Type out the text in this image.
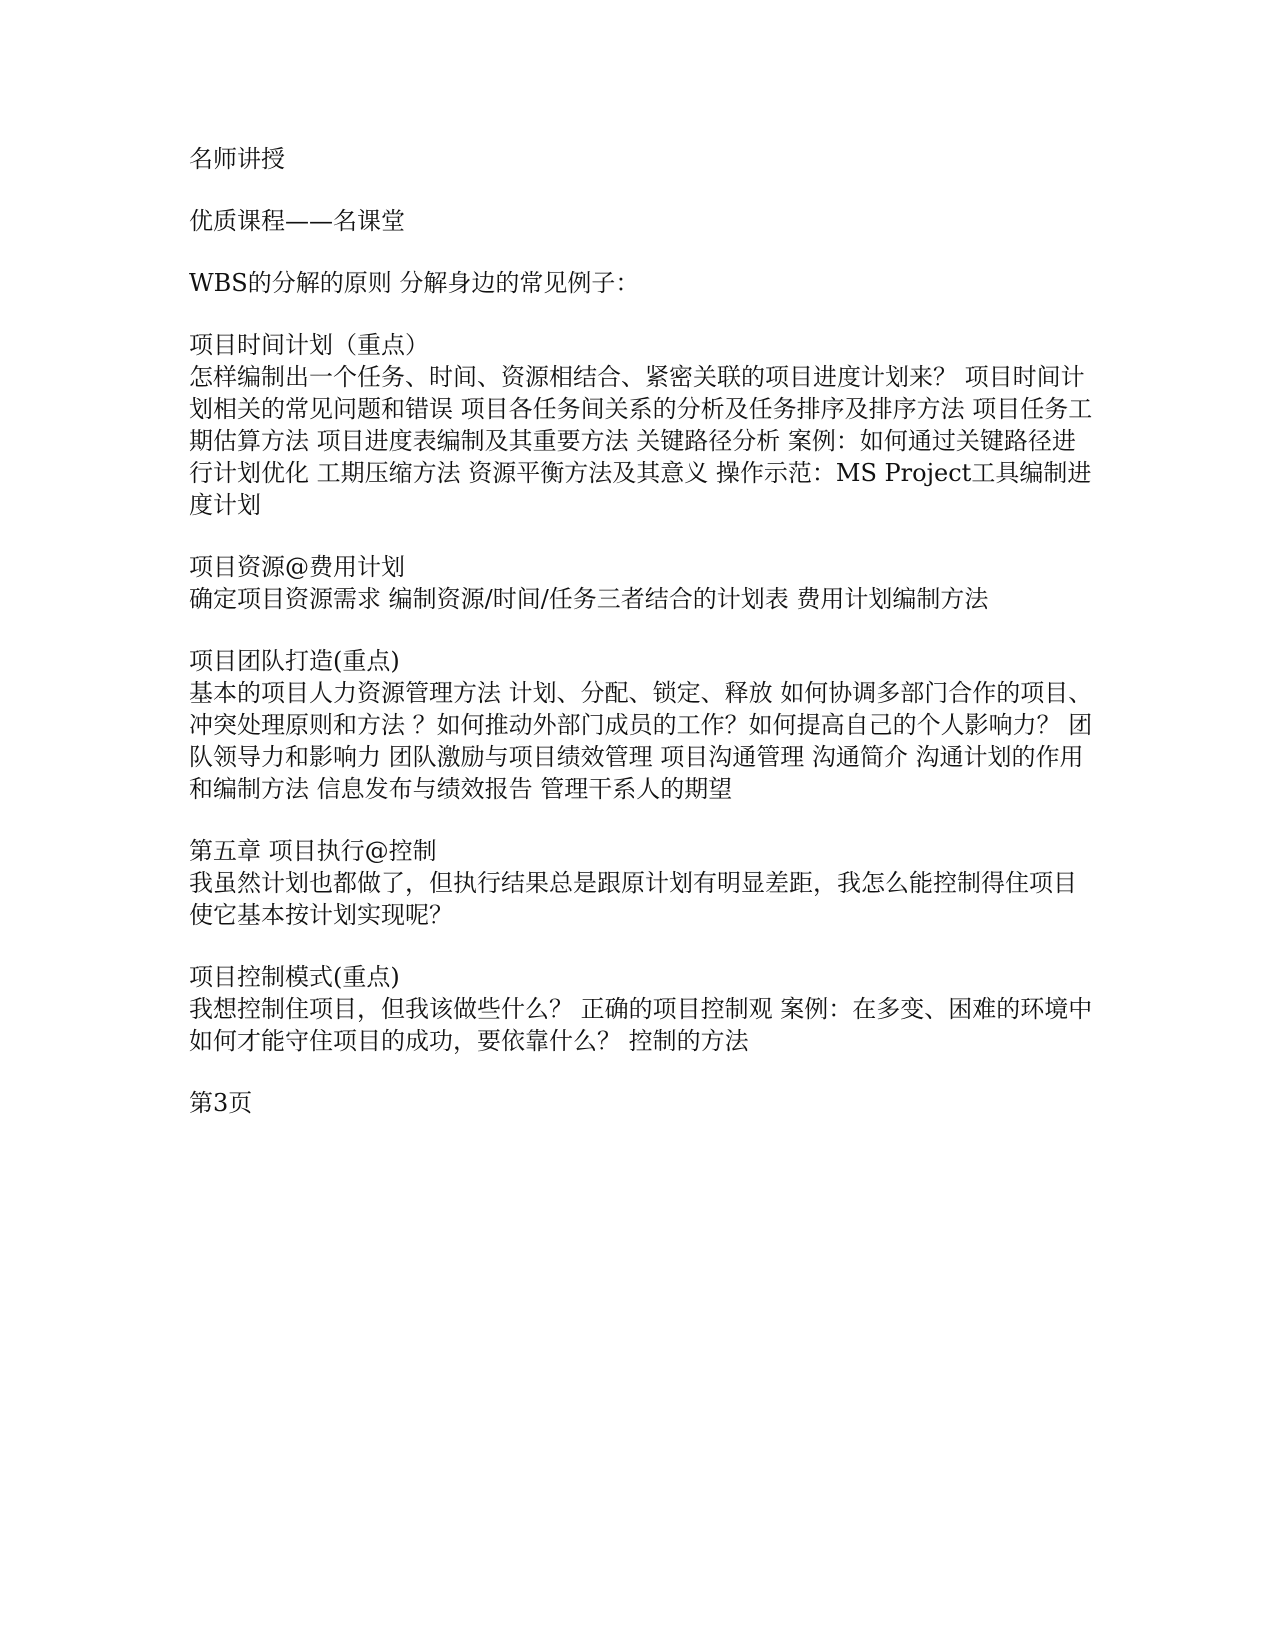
名师讲授

优质课程——名课堂

WBS的分解的原则 分解身边的常见例子：

项目时间计划（重点）
怎样编制出一个任务、时间、资源相结合、紧密关联的项目进度计划来？ 项目时间计划相关的常见问题和错误 项目各任务间关系的分析及任务排序及排序方法 项目任务工期估算方法 项目进度表编制及其重要方法 关键路径分析 案例：如何通过关键路径进行计划优化 工期压缩方法 资源平衡方法及其意义 操作示范：MS Project工具编制进度计划
项目资源@费用计划
确定项目资源需求 编制资源/时间/任务三者结合的计划表 费用计划编制方法
项目团队打造(重点)
基本的项目人力资源管理方法 计划、分配、锁定、释放 如何协调多部门合作的项目、冲突处理原则和方法 ？如何推动外部门成员的工作？如何提高自己的个人影响力？ 团队领导力和影响力 团队激励与项目绩效管理 项目沟通管理 沟通简介 沟通计划的作用和编制方法 信息发布与绩效报告 管理干系人的期望
第五章 项目执行@控制
我虽然计划也都做了，但执行结果总是跟原计划有明显差距，我怎么能控制得住项目使它基本按计划实现呢？
项目控制模式(重点)
我想控制住项目，但我该做些什么？ 正确的项目控制观 案例：在多变、困难的环境中如何才能守住项目的成功，要依靠什么？ 控制的方法

第3页
